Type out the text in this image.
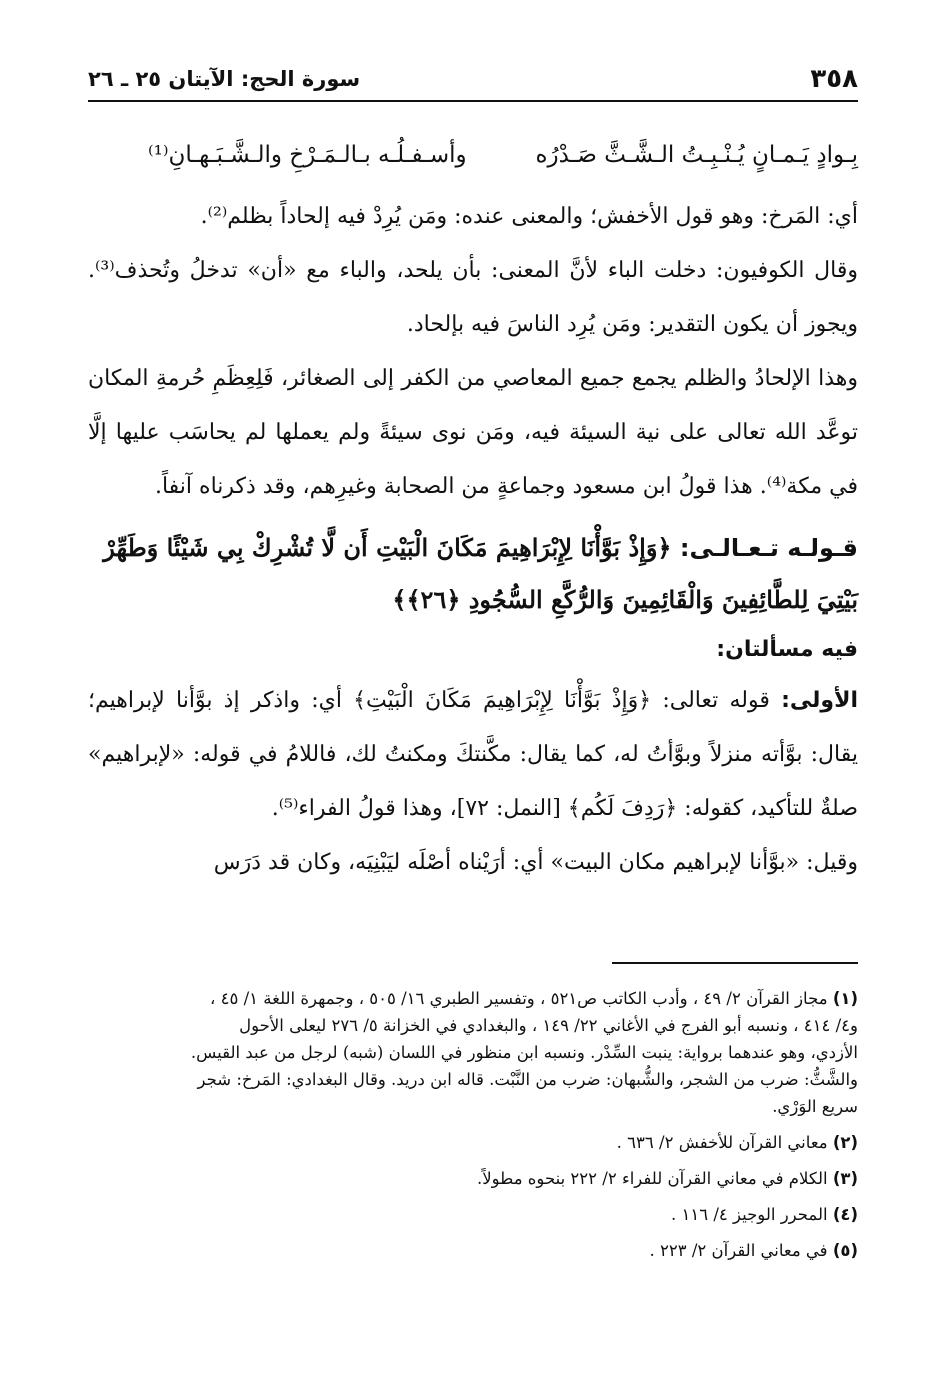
٣٥٨
سورة الحج: الآيتان ٢٥ ـ ٢٦
بِـوادٍ يَـمـانٍ يُـنْـبِـتُ الـشَّـثَّ صَـدْرُه
وأسـفـلُـه بـالـمَـرْخِ والـشَّـبَـهـانِ⁽¹⁾

أي: المَرخ: وهو قول الأخفش؛ والمعنى عنده: ومَن يُرِدْ فيه إلحاداً بظلم⁽²⁾.

وقال الكوفيون: دخلت الباء لأنَّ المعنى: بأن يلحد، والباء مع «أن» تدخلُ وتُحذف⁽³⁾. ويجوز أن يكون التقدير: ومَن يُرِد الناسَ فيه بإلحاد.

وهذا الإلحادُ والظلم يجمع جميع المعاصي من الكفر إلى الصغائر، فَلِعِظَمِ حُرمةِ المكان توعَّد الله تعالى على نية السيئة فيه، ومَن نوى سيئةً ولم يعملها لم يحاسَب عليها إلَّا في مكة⁽⁴⁾. هذا قولُ ابن مسعود وجماعةٍ من الصحابة وغيرِهم، وقد ذكرناه آنفاً.

قـولـه تـعـالـى: ﴿وَإِذْ بَوَّأْنَا لِإِبْرَاهِيمَ مَكَانَ الْبَيْتِ أَن لَّا تُشْرِكْ بِي شَيْئًا وَطَهِّرْ بَيْتِيَ لِلطَّائِفِينَ وَالْقَائِمِينَ وَالرُّكَّعِ السُّجُودِ ﴿٢٦﴾﴾
فيه مسألتان:

الأولى: قوله تعالى: ﴿وَإِذْ بَوَّأْنَا لِإِبْرَاهِيمَ مَكَانَ الْبَيْتِ﴾ أي: واذكر إذ بوَّأنا لإبراهيم؛ يقال: بوَّأته منزلاً وبوَّأتُ له، كما يقال: مكَّنتكَ ومكنتُ لك، فاللامُ في قوله: «لإبراهيم» صلةٌ للتأكيد، كقوله: ﴿رَدِفَ لَكُم﴾ [النمل: ٧٢]، وهذا قولُ الفراء⁽⁵⁾.

وقيل: «بوَّأنا لإبراهيم مكان البيت» أي: أرَيْناه أصْلَه ليَبْنِيَه، وكان قد دَرَس

(١) مجاز القرآن ٢/ ٤٩ ، وأدب الكاتب ص٥٢١ ، وتفسير الطبري ١٦/ ٥٠٥ ، وجمهرة اللغة ١/ ٤٥ ،
و٤/ ٤١٤ ، ونسبه أبو الفرج في الأغاني ٢٢/ ١٤٩ ، والبغدادي في الخزانة ٥/ ٢٧٦ ليعلى الأحول
الأزدي، وهو عندهما برواية: ينبت السِّدْر. ونسبه ابن منظور في اللسان (شبه) لرجل من عبد القيس.
والشَّثُّ: ضرب من الشجر، والشُّبهان: ضرب من النَّبْت. قاله ابن دريد. وقال البغدادي: المَرخ: شجر
سريع الوَرْي.
(٢) معاني القرآن للأخفش ٢/ ٦٣٦ .
(٣) الكلام في معاني القرآن للفراء ٢/ ٢٢٢ بنحوه مطولاً.
(٤) المحرر الوجيز ٤/ ١١٦ .
(٥) في معاني القرآن ٢/ ٢٢٣ .
